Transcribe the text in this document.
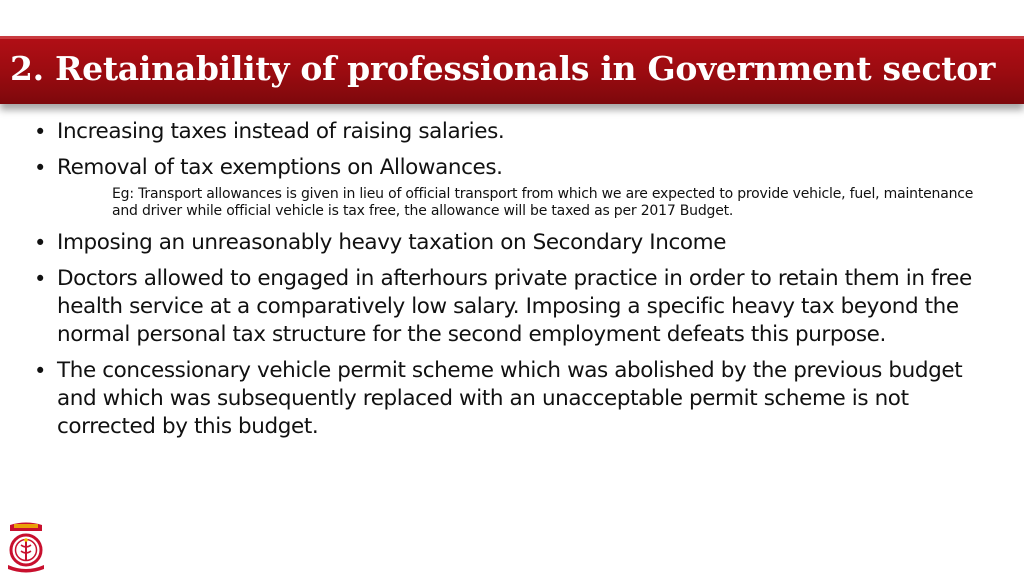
2. Retainability of professionals in Government sector
• Increasing taxes instead of raising salaries.
• Removal of tax exemptions on Allowances.
Eg: Transport allowances is given in lieu of official transport from which we are expected to provide vehicle, fuel, maintenance and driver while official vehicle is tax free, the allowance will be taxed as per 2017 Budget.
• Imposing an unreasonably heavy taxation on Secondary Income
• Doctors allowed to engaged in afterhours private practice in order to retain them in free health service at a comparatively low salary. Imposing a specific heavy tax beyond the normal personal tax structure for the second employment defeats this purpose.
• The concessionary vehicle permit scheme which was abolished by the previous budget and which was subsequently replaced with an unacceptable permit scheme is not corrected by this budget.
